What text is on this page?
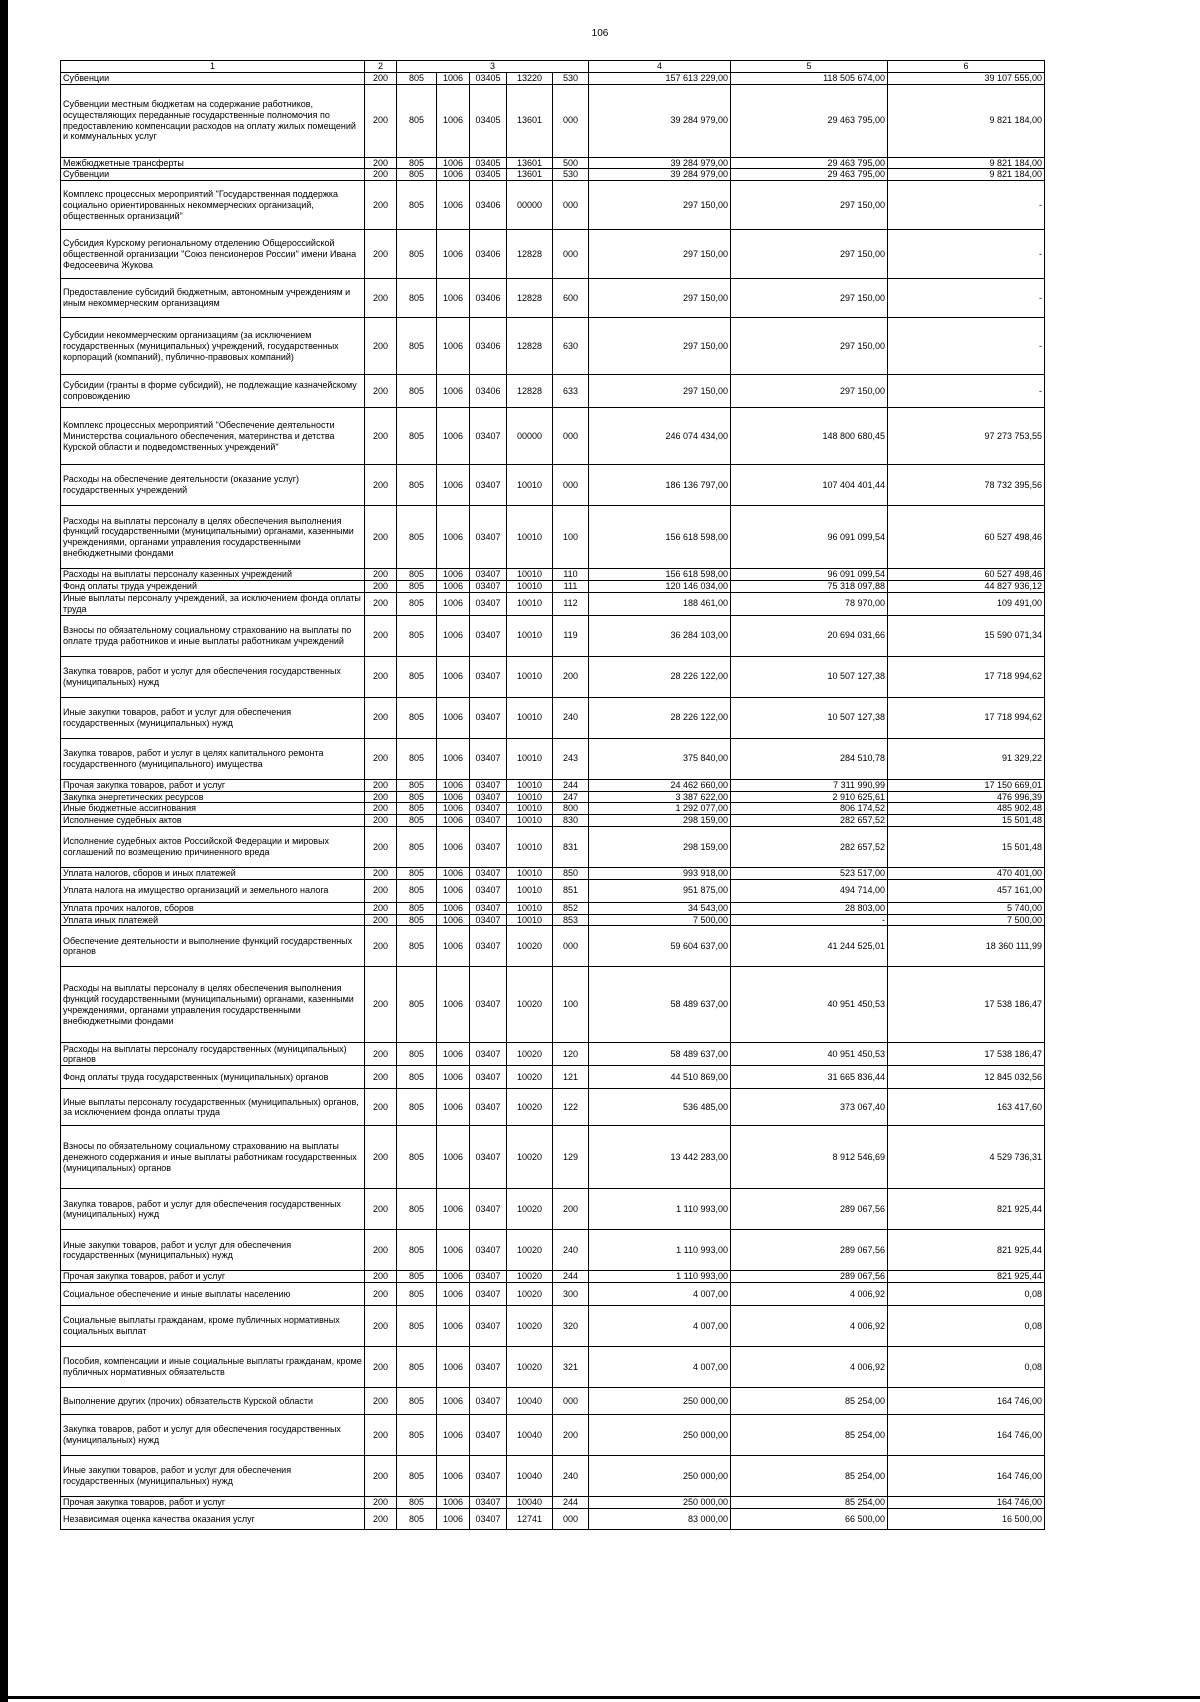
106
1	2	3					4	5	6
Субвенции	200	805	1006	03405	13220	530	157 613 229,00	118 505 674,00	39 107 555,00
Субвенции местным бюджетам на содержание работников, осуществляющих переданные государственные полномочия по предоставлению компенсации расходов на оплату жилых помещений и коммунальных услуг	200	805	1006	03405	13601	000	39 284 979,00	29 463 795,00	9 821 184,00
Межбюджетные трансферты	200	805	1006	03405	13601	500	39 284 979,00	29 463 795,00	9 821 184,00
Субвенции	200	805	1006	03405	13601	530	39 284 979,00	29 463 795,00	9 821 184,00
Комплекс процессных мероприятий "Государственная поддержка социально ориентированных некоммерческих организаций, общественных организаций"	200	805	1006	03406	00000	000	297 150,00	297 150,00	-
Субсидия Курскому региональному отделению Общероссийской общественной организации "Союз пенсионеров России" имени Ивана Федосеевича Жукова	200	805	1006	03406	12828	000	297 150,00	297 150,00	-
Предоставление субсидий бюджетным, автономным учреждениям и иным некоммерческим организациям	200	805	1006	03406	12828	600	297 150,00	297 150,00	-
Субсидии некоммерческим организациям (за исключением государственных (муниципальных) учреждений, государственных корпораций (компаний), публично-правовых компаний)	200	805	1006	03406	12828	630	297 150,00	297 150,00	-
Субсидии (гранты в форме субсидий), не подлежащие казначейскому сопровождению	200	805	1006	03406	12828	633	297 150,00	297 150,00	-
Комплекс процессных мероприятий "Обеспечение деятельности Министерства социального обеспечения, материнства и детства Курской области и подведомственных учреждений"	200	805	1006	03407	00000	000	246 074 434,00	148 800 680,45	97 273 753,55
Расходы на обеспечение деятельности (оказание услуг) государственных учреждений	200	805	1006	03407	10010	000	186 136 797,00	107 404 401,44	78 732 395,56
Расходы на выплаты персоналу в целях обеспечения выполнения функций государственными (муниципальными) органами, казенными учреждениями, органами управления государственными внебюджетными фондами	200	805	1006	03407	10010	100	156 618 598,00	96 091 099,54	60 527 498,46
Расходы на выплаты персоналу казенных учреждений	200	805	1006	03407	10010	110	156 618 598,00	96 091 099,54	60 527 498,46
Фонд оплаты труда учреждений	200	805	1006	03407	10010	111	120 146 034,00	75 318 097,88	44 827 936,12
Иные выплаты персоналу учреждений, за исключением фонда оплаты труда	200	805	1006	03407	10010	112	188 461,00	78 970,00	109 491,00
Взносы по обязательному социальному страхованию на выплаты по оплате труда работников и иные выплаты работникам учреждений	200	805	1006	03407	10010	119	36 284 103,00	20 694 031,66	15 590 071,34
Закупка товаров, работ и услуг для обеспечения государственных (муниципальных) нужд	200	805	1006	03407	10010	200	28 226 122,00	10 507 127,38	17 718 994,62
Иные закупки товаров, работ и услуг для обеспечения государственных (муниципальных) нужд	200	805	1006	03407	10010	240	28 226 122,00	10 507 127,38	17 718 994,62
Закупка товаров, работ и услуг в целях капитального ремонта государственного (муниципального) имущества	200	805	1006	03407	10010	243	375 840,00	284 510,78	91 329,22
Прочая закупка товаров, работ и услуг	200	805	1006	03407	10010	244	24 462 660,00	7 311 990,99	17 150 669,01
Закупка энергетических ресурсов	200	805	1006	03407	10010	247	3 387 622,00	2 910 625,61	476 996,39
Иные бюджетные ассигнования	200	805	1006	03407	10010	800	1 292 077,00	806 174,52	485 902,48
Исполнение судебных актов	200	805	1006	03407	10010	830	298 159,00	282 657,52	15 501,48
Исполнение судебных актов Российской Федерации и мировых соглашений по возмещению причиненного вреда	200	805	1006	03407	10010	831	298 159,00	282 657,52	15 501,48
Уплата налогов, сборов и иных платежей	200	805	1006	03407	10010	850	993 918,00	523 517,00	470 401,00
Уплата налога на имущество организаций и земельного налога	200	805	1006	03407	10010	851	951 875,00	494 714,00	457 161,00
Уплата прочих налогов, сборов	200	805	1006	03407	10010	852	34 543,00	28 803,00	5 740,00
Уплата иных платежей	200	805	1006	03407	10010	853	7 500,00	-	7 500,00
Обеспечение деятельности и выполнение функций государственных органов	200	805	1006	03407	10020	000	59 604 637,00	41 244 525,01	18 360 111,99
Расходы на выплаты персоналу в целях обеспечения выполнения функций государственными (муниципальными) органами, казенными учреждениями, органами управления государственными внебюджетными фондами	200	805	1006	03407	10020	100	58 489 637,00	40 951 450,53	17 538 186,47
Расходы на выплаты персоналу государственных (муниципальных) органов	200	805	1006	03407	10020	120	58 489 637,00	40 951 450,53	17 538 186,47
Фонд оплаты труда государственных (муниципальных) органов	200	805	1006	03407	10020	121	44 510 869,00	31 665 836,44	12 845 032,56
Иные выплаты персоналу государственных (муниципальных) органов, за исключением фонда оплаты труда	200	805	1006	03407	10020	122	536 485,00	373 067,40	163 417,60
Взносы по обязательному социальному страхованию на выплаты денежного содержания и иные выплаты работникам государственных (муниципальных) органов	200	805	1006	03407	10020	129	13 442 283,00	8 912 546,69	4 529 736,31
Закупка товаров, работ и услуг для обеспечения государственных (муниципальных) нужд	200	805	1006	03407	10020	200	1 110 993,00	289 067,56	821 925,44
Иные закупки товаров, работ и услуг для обеспечения государственных (муниципальных) нужд	200	805	1006	03407	10020	240	1 110 993,00	289 067,56	821 925,44
Прочая закупка товаров, работ и услуг	200	805	1006	03407	10020	244	1 110 993,00	289 067,56	821 925,44
Социальное обеспечение и иные выплаты населению	200	805	1006	03407	10020	300	4 007,00	4 006,92	0,08
Социальные выплаты гражданам, кроме публичных нормативных социальных выплат	200	805	1006	03407	10020	320	4 007,00	4 006,92	0,08
Пособия, компенсации и иные социальные выплаты гражданам, кроме публичных нормативных обязательств	200	805	1006	03407	10020	321	4 007,00	4 006,92	0,08
Выполнение других (прочих) обязательств Курской области	200	805	1006	03407	10040	000	250 000,00	85 254,00	164 746,00
Закупка товаров, работ и услуг для обеспечения государственных (муниципальных) нужд	200	805	1006	03407	10040	200	250 000,00	85 254,00	164 746,00
Иные закупки товаров, работ и услуг для обеспечения государственных (муниципальных) нужд	200	805	1006	03407	10040	240	250 000,00	85 254,00	164 746,00
Прочая закупка товаров, работ и услуг	200	805	1006	03407	10040	244	250 000,00	85 254,00	164 746,00
Независимая оценка качества оказания услуг	200	805	1006	03407	12741	000	83 000,00	66 500,00	16 500,00
